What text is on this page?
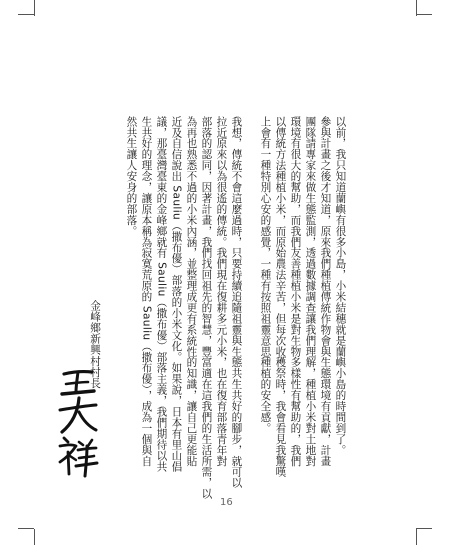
以前，我只知道蘭嶼有很多小島，小米結穗就是蘭嶼小島的時間到了。
參與計畫之後才知道，原來我們種植傳統作物會與生態環境有貢獻，計畫
團隊請專家來做生態監測，透過數據調查讓我們理解，種植小米對土地對
環境有很大的幫助，而我們友善種植小米是對生物多樣性有幫助的，我們
以傳統方法種植小米，而原始農法辛苦，但每次收穫祭時，我會看見我驚嘆
上會有一種特別心安的感覺，一種有按照祖靈意思種植的安全感。
我想，傳統不會這麼過時，只要持續追隨祖靈與生態共生共好的腳步，就可以
拉近原來以為很遙的傳統。我們現在復耕多元小米，也在復育部落青年對
部落的認同，因著計畫，我們找回祖先的智慧，豐富適在這我們的生活所需，以
為再也熟悉不過的小米內涵，並整理成更有系統性的知識，讓自己更能貼
近及自信說出 Sauliu（撒布優）部落的小米文化。如果說，日本有里山倡
議，那臺灣臺東的金峰鄉就有 Sauliu（撒布優）部落主義，我們期待以共
生共好的理念，讓原本稱為寂寞荒原的 Sauliu（撒布優），成為一個與自
然共生讓人安身的部落。
金峰鄉新興村村長
16
